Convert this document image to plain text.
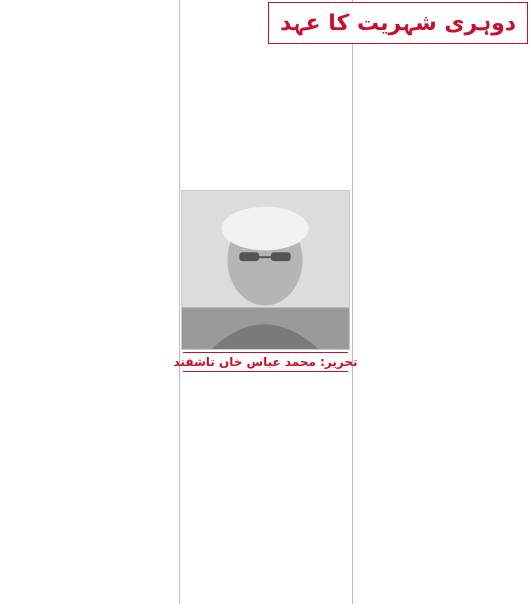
دوہری شہریت کا عہد
تحریر: محمد عباس خاں تاشقند
